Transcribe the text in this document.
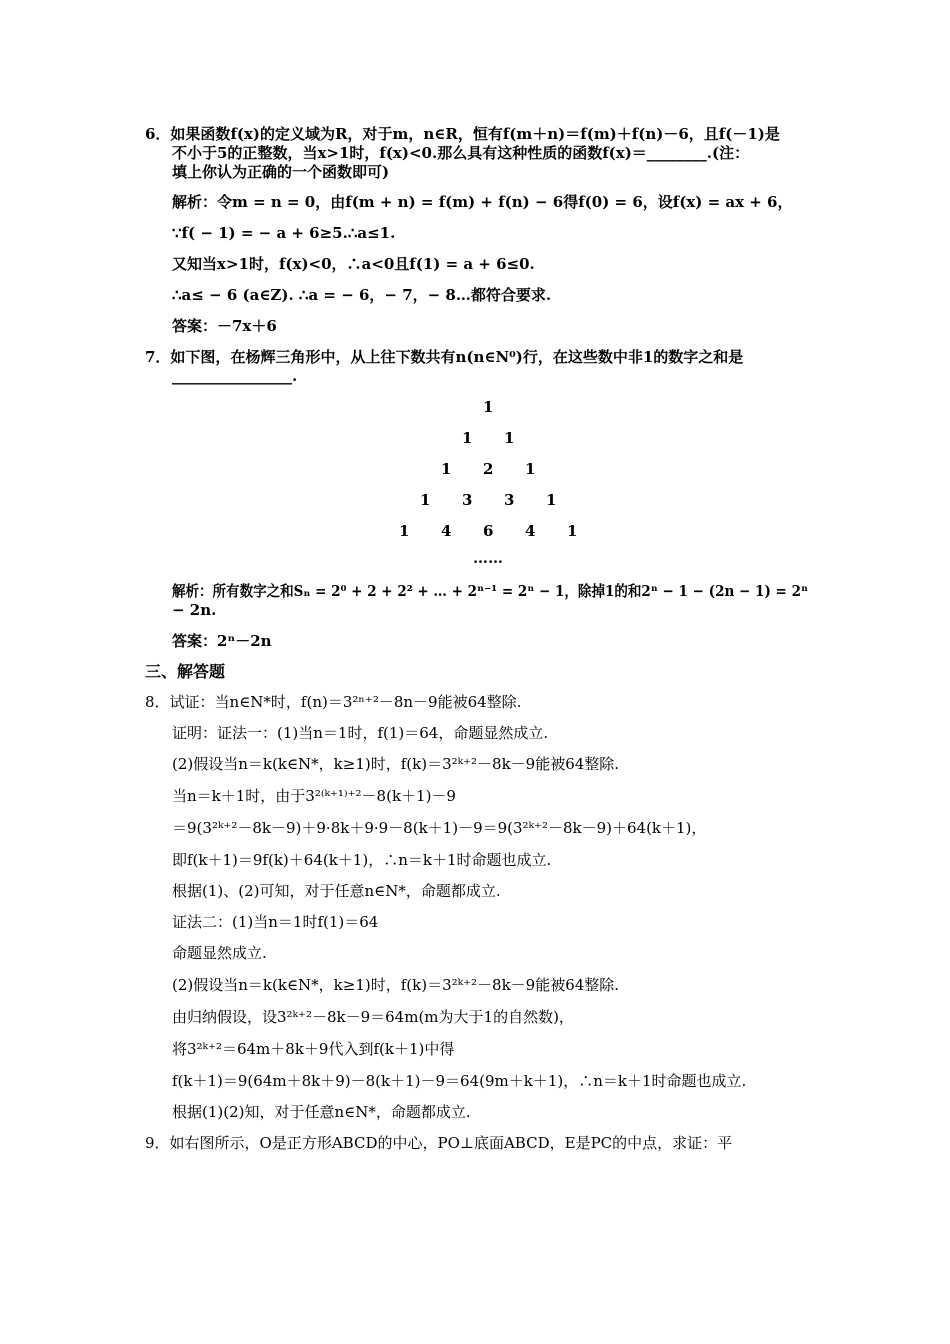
6．如果函数f(x)的定义域为R，对于m，n∈R，恒有f(m＋n)＝f(m)＋f(n)－6，且f(－1)是
不小于5的正整数，当x>1时，f(x)<0.那么具有这种性质的函数f(x)＝________.(注：
填上你认为正确的一个函数即可)
解析：令m = n = 0，由f(m + n) = f(m) + f(n) − 6得f(0) = 6，设f(x) = ax + 6，
∵f( − 1) = − a + 6≥5.∴a≤1.
又知当x>1时，f(x)<0，∴a<0且f(1) = a + 6≤0.
∴a≤ − 6 (a∈Z). ∴a = − 6，− 7，− 8…都符合要求.
答案：－7x＋6
7．如下图，在杨辉三角形中，从上往下数共有n(n∈N⁰)行，在这些数中非1的数字之和是
________________.
1
1 1
1 2 1
1 3 3 1
1 4 6 4 1
……
解析：所有数字之和Sₙ = 2⁰ + 2 + 2² + … + 2ⁿ⁻¹ = 2ⁿ − 1，除掉1的和2ⁿ − 1 − (2n − 1) = 2ⁿ
− 2n.
答案：2ⁿ－2n
三、解答题
8．试证：当n∈N*时，f(n)＝3²ⁿ⁺²－8n－9能被64整除.
证明：证法一：(1)当n＝1时，f(1)＝64，命题显然成立.
(2)假设当n＝k(k∈N*，k≥1)时，f(k)＝3²ᵏ⁺²－8k－9能被64整除.
当n＝k＋1时，由于3²⁽ᵏ⁺¹⁾⁺²－8(k＋1)－9
＝9(3²ᵏ⁺²－8k－9)＋9·8k＋9·9－8(k＋1)－9＝9(3²ᵏ⁺²－8k－9)＋64(k＋1)，
即f(k＋1)＝9f(k)＋64(k＋1)，∴n＝k＋1时命题也成立.
根据(1)、(2)可知，对于任意n∈N*，命题都成立.
证法二：(1)当n＝1时f(1)＝64
命题显然成立.
(2)假设当n＝k(k∈N*，k≥1)时，f(k)＝3²ᵏ⁺²－8k－9能被64整除.
由归纳假设，设3²ᵏ⁺²－8k－9＝64m(m为大于1的自然数)，
将3²ᵏ⁺²＝64m＋8k＋9代入到f(k＋1)中得
f(k＋1)＝9(64m＋8k＋9)－8(k＋1)－9＝64(9m＋k＋1)，∴n＝k＋1时命题也成立.
根据(1)(2)知，对于任意n∈N*，命题都成立.
9．如右图所示，O是正方形ABCD的中心，PO⊥底面ABCD，E是PC的中点，求证：平
